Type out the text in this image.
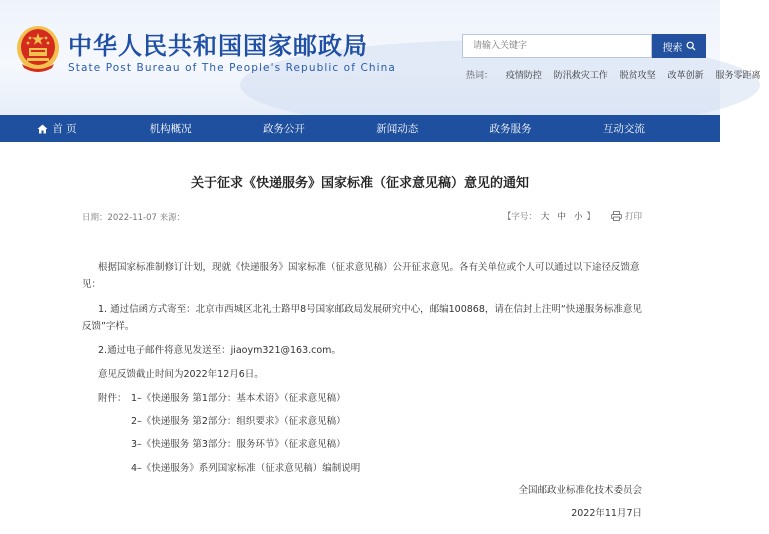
中华人民共和国国家邮政局
State Post Bureau of The People's Republic of China
请输入关键字
搜索
热词： 疫情防控 防汛救灾工作 脱贫攻坚 改革创新 服务零距离
首 页	机构概况	政务公开	新闻动态	政务服务	互动交流
关于征求《快递服务》国家标准（征求意见稿）意见的通知
日期：2022-11-07 来源：	【字号： 大 中 小 】	打印
根据国家标准制修订计划，现就《快递服务》国家标准（征求意见稿）公开征求意见。各有关单位或个人可以通过以下途径反馈意见：
1. 通过信函方式寄至：北京市西城区北礼士路甲8号国家邮政局发展研究中心，邮编100868，请在信封上注明“快递服务标准意见反馈”字样。
2.通过电子邮件将意见发送至：jiaoym321@163.com。
意见反馈截止时间为2022年12月6日。
附件： 1–《快递服务 第1部分：基本术语》（征求意见稿）
2–《快递服务 第2部分：组织要求》（征求意见稿）
3–《快递服务 第3部分：服务环节》（征求意见稿）
4–《快递服务》系列国家标准（征求意见稿）编制说明
全国邮政业标准化技术委员会
2022年11月7日
